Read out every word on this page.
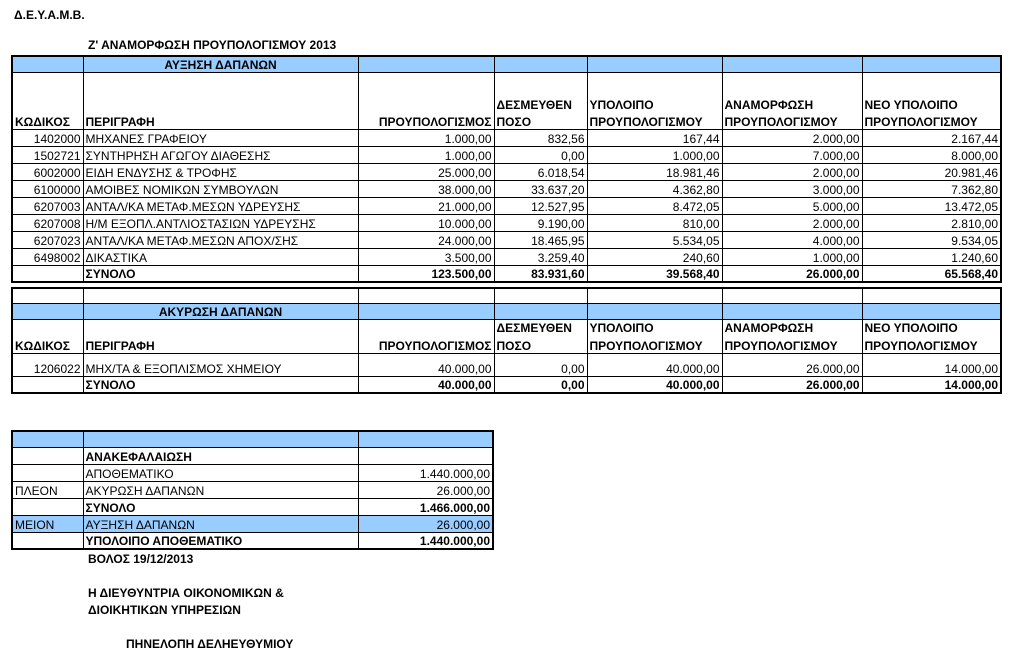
Δ.Ε.Υ.Α.Μ.Β.
Ζ' ΑΝΑΜΟΡΦΩΣΗ ΠΡΟΥΠΟΛΟΓΙΣΜΟΥ 2013
	ΑΥΞΗΣΗ ΔΑΠΑΝΩΝ					

			ΔΕΣΜΕΥΘΕΝ	ΥΠΟΛΟΙΠΟ	ΑΝΑΜΟΡΦΩΣΗ	ΝΕΟ ΥΠΟΛΟΙΠΟ
ΚΩΔΙΚΟΣ	ΠΕΡΙΓΡΑΦΗ	ΠΡΟΥΠΟΛΟΓΙΣΜΟΣ	ΠΟΣΟ	ΠΡΟΥΠΟΛΟΓΙΣΜΟΥ	ΠΡΟΥΠΟΛΟΓΙΣΜΟΥ	ΠΡΟΥΠΟΛΟΓΙΣΜΟΥ
1402000	ΜΗΧΑΝΕΣ ΓΡΑΦΕΙΟΥ	1.000,00	832,56	167,44	2.000,00	2.167,44
1502721	ΣΥΝΤΗΡΗΣΗ ΑΓΩΓΟΥ ΔΙΑΘΕΣΗΣ	1.000,00	0,00	1.000,00	7.000,00	8.000,00
6002000	ΕΙΔΗ ΕΝΔΥΣΗΣ & ΤΡΟΦΗΣ	25.000,00	6.018,54	18.981,46	2.000,00	20.981,46
6100000	ΑΜΟΙΒΕΣ ΝΟΜΙΚΩΝ ΣΥΜΒΟΥΛΩΝ	38.000,00	33.637,20	4.362,80	3.000,00	7.362,80
6207003	ΑΝΤΑΛ/ΚΑ ΜΕΤΑΦ.ΜΕΣΩΝ ΥΔΡΕΥΣΗΣ	21.000,00	12.527,95	8.472,05	5.000,00	13.472,05
6207008	Η/Μ ΕΞΟΠΛ.ΑΝΤΛΙΟΣΤΑΣΙΩΝ ΥΔΡΕΥΣΗΣ	10.000,00	9.190,00	810,00	2.000,00	2.810,00
6207023	ΑΝΤΑΛ/ΚΑ ΜΕΤΑΦ.ΜΕΣΩΝ ΑΠΟΧ/ΣΗΣ	24.000,00	18.465,95	5.534,05	4.000,00	9.534,05
6498002	ΔΙΚΑΣΤΙΚΑ	3.500,00	3.259,40	240,60	1.000,00	1.240,60
	ΣΥΝΟΛΟ	123.500,00	83.931,60	39.568,40	26.000,00	65.568,40

	ΑΚΥΡΩΣΗ ΔΑΠΑΝΩΝ					
			ΔΕΣΜΕΥΘΕΝ	ΥΠΟΛΟΙΠΟ	ΑΝΑΜΟΡΦΩΣΗ	ΝΕΟ ΥΠΟΛΟΙΠΟ
ΚΩΔΙΚΟΣ	ΠΕΡΙΓΡΑΦΗ	ΠΡΟΥΠΟΛΟΓΙΣΜΟΣ	ΠΟΣΟ	ΠΡΟΥΠΟΛΟΓΙΣΜΟΥ	ΠΡΟΥΠΟΛΟΓΙΣΜΟΥ	ΠΡΟΥΠΟΛΟΓΙΣΜΟΥ

1206022	ΜΗΧ/ΤΑ & ΕΞΟΠΛΙΣΜΟΣ ΧΗΜΕΙΟΥ	40.000,00	0,00	40.000,00	26.000,00	14.000,00
	ΣΥΝΟΛΟ	40.000,00	0,00	40.000,00	26.000,00	14.000,00

	ΑΝΑΚΕΦΑΛΑΙΩΣΗ	
	ΑΠΟΘΕΜΑΤΙΚΟ	1.440.000,00
ΠΛΕΟΝ	ΑΚΥΡΩΣΗ ΔΑΠΑΝΩΝ	26.000,00
	ΣΥΝΟΛΟ	1.466.000,00
ΜΕΙΟΝ	ΑΥΞΗΣΗ ΔΑΠΑΝΩΝ	26.000,00
	ΥΠΟΛΟΙΠΟ ΑΠΟΘΕΜΑΤΙΚΟ	1.440.000,00
ΒΟΛΟΣ 19/12/2013
Η ΔΙΕΥΘΥΝΤΡΙΑ ΟΙΚΟΝΟΜΙΚΩΝ &
ΔΙΟΙΚΗΤΙΚΩΝ ΥΠΗΡΕΣΙΩΝ
ΠΗΝΕΛΟΠΗ ΔΕΛΗΕΥΘΥΜΙΟΥ
